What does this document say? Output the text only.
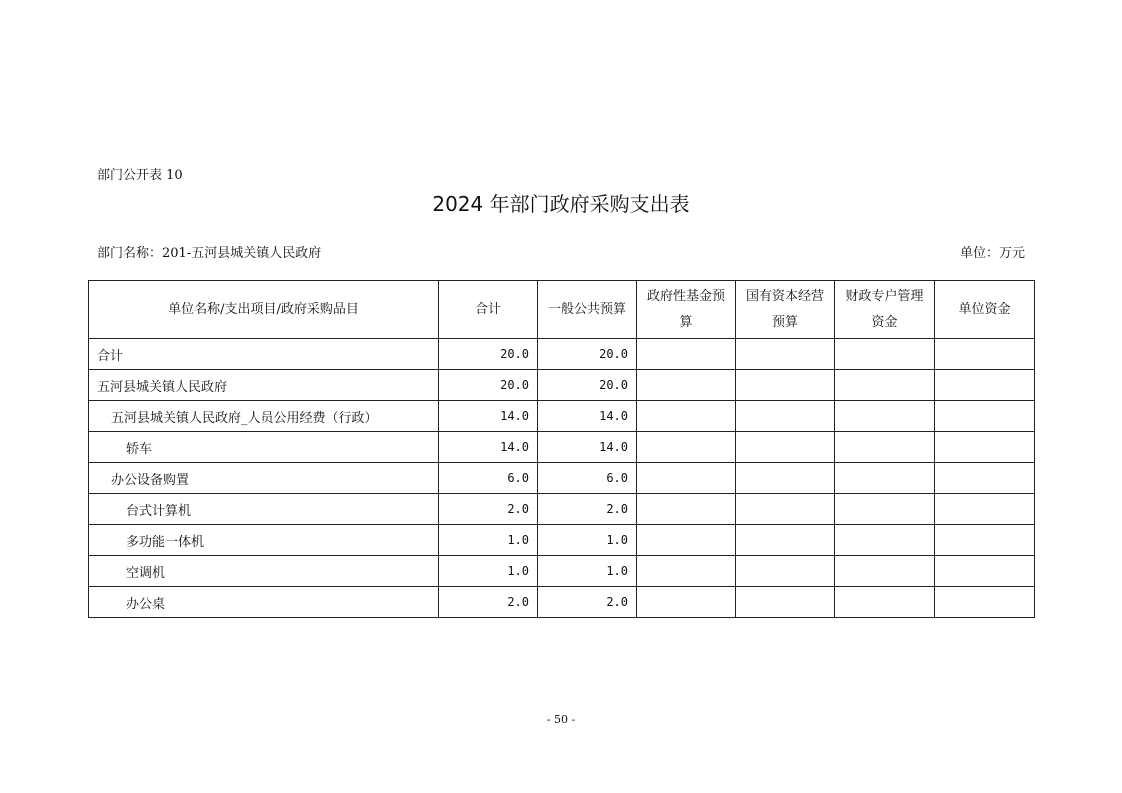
部门公开表 10
2024 年部门政府采购支出表
部门名称：201-五河县城关镇人民政府	单位：万元
单位名称/支出项目/政府采购品目	合计	一般公共预算	政府性基金预算	国有资本经营预算	财政专户管理资金	单位资金

合计	20.0	20.0				
五河县城关镇人民政府	20.0	20.0				
五河县城关镇人民政府_人员公用经费（行政）	14.0	14.0				
轿车	14.0	14.0				
办公设备购置	6.0	6.0				
台式计算机	2.0	2.0				
多功能一体机	1.0	1.0				
空调机	1.0	1.0				
办公桌	2.0	2.0				
- 50 -
